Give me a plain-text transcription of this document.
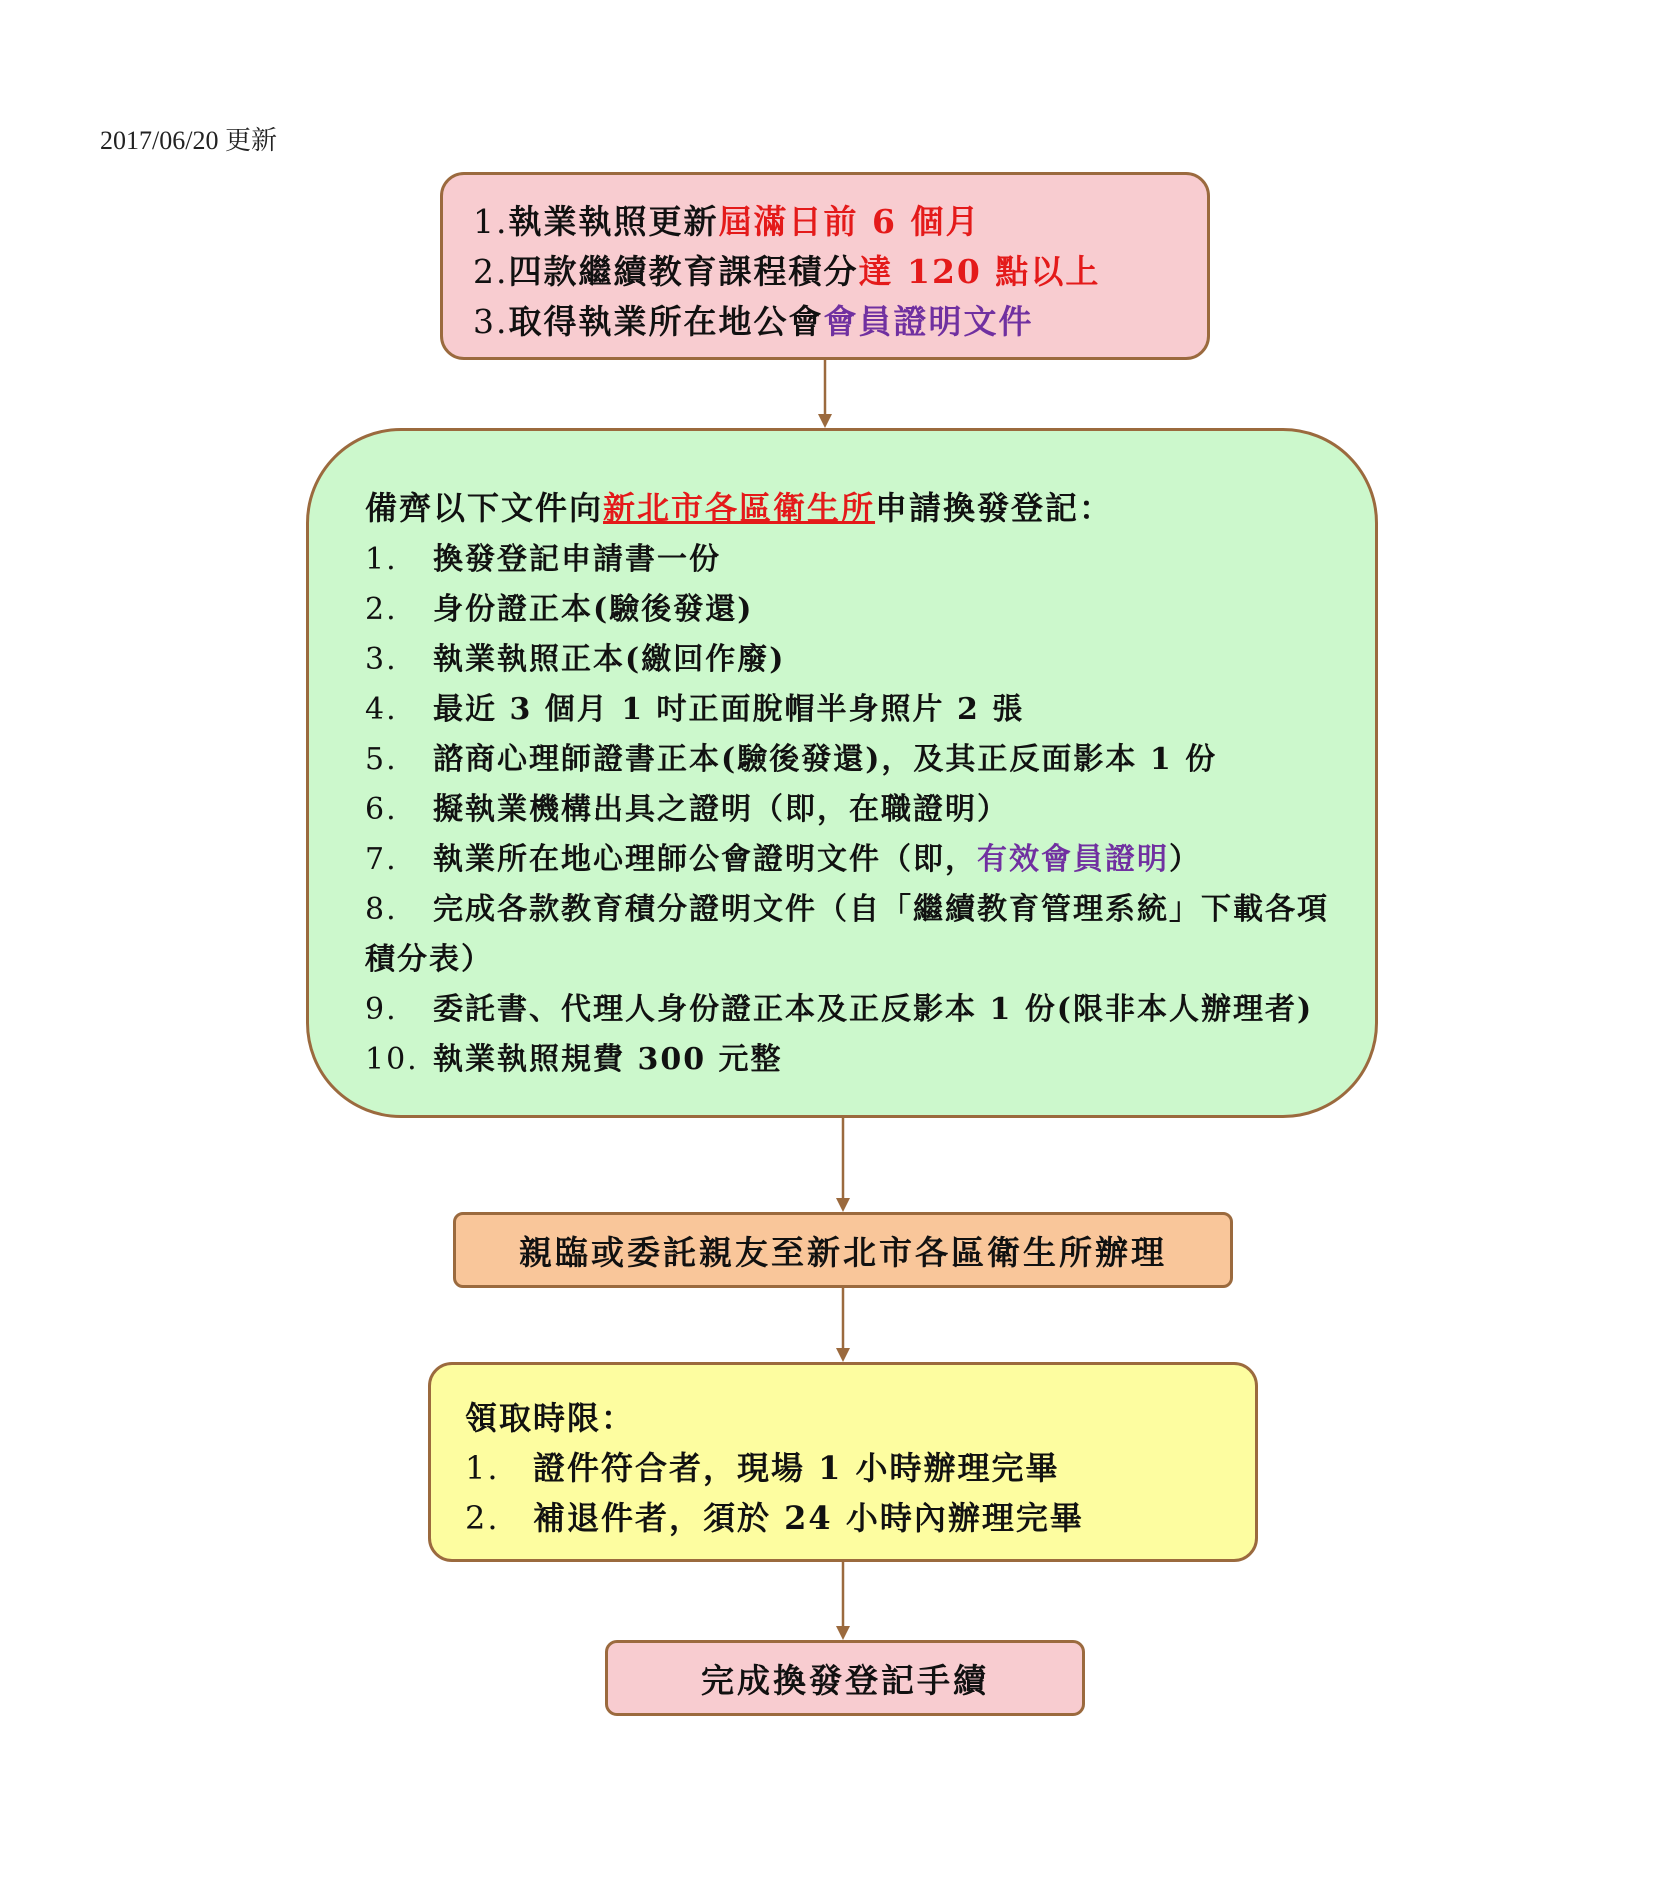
2017/06/20 更新
1.執業執照更新屆滿日前 6 個月
2.四款繼續教育課程積分達 120 點以上
3.取得執業所在地公會會員證明文件
備齊以下文件向新北市各區衛生所申請換發登記：
1. 換發登記申請書一份
2. 身份證正本(驗後發還)
3. 執業執照正本(繳回作廢)
4. 最近 3 個月 1 吋正面脫帽半身照片 2 張
5. 諮商心理師證書正本(驗後發還)，及其正反面影本 1 份
6. 擬執業機構出具之證明（即，在職證明）
7. 執業所在地心理師公會證明文件（即，有效會員證明）
8. 完成各款教育積分證明文件（自「繼續教育管理系統」下載各項積分表）
9. 委託書、代理人身份證正本及正反影本 1 份(限非本人辦理者)
10. 執業執照規費 300 元整
親臨或委託親友至新北市各區衛生所辦理
領取時限：
1. 證件符合者，現場 1 小時辦理完畢
2. 補退件者，須於 24 小時內辦理完畢
完成換發登記手續
